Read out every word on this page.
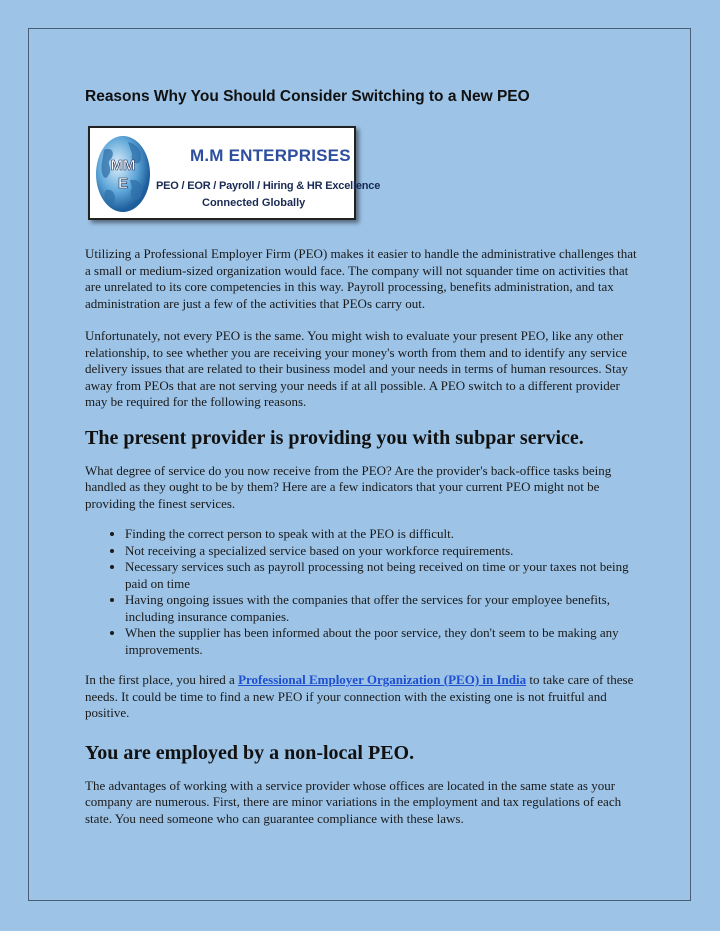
Reasons Why You Should Consider Switching to a New PEO
MM
E
M.M ENTERPRISES
PEO / EOR / Payroll / Hiring & HR Excellence
Connected Globally

Utilizing a Professional Employer Firm (PEO) makes it easier to handle the administrative challenges that a small or medium-sized organization would face. The company will not squander time on activities that are unrelated to its core competencies in this way. Payroll processing, benefits administration, and tax administration are just a few of the activities that PEOs carry out.

Unfortunately, not every PEO is the same. You might wish to evaluate your present PEO, like any other relationship, to see whether you are receiving your money's worth from them and to identify any service delivery issues that are related to their business model and your needs in terms of human resources. Stay away from PEOs that are not serving your needs if at all possible. A PEO switch to a different provider may be required for the following reasons.

The present provider is providing you with subpar service.

What degree of service do you now receive from the PEO? Are the provider's back-office tasks being handled as they ought to be by them? Here are a few indicators that your current PEO might not be providing the finest services.

• Finding the correct person to speak with at the PEO is difficult.
• Not receiving a specialized service based on your workforce requirements.
• Necessary services such as payroll processing not being received on time or your taxes not being paid on time
• Having ongoing issues with the companies that offer the services for your employee benefits, including insurance companies.
• When the supplier has been informed about the poor service, they don't seem to be making any improvements.

In the first place, you hired a Professional Employer Organization (PEO) in India to take care of these needs. It could be time to find a new PEO if your connection with the existing one is not fruitful and positive.

You are employed by a non-local PEO.

The advantages of working with a service provider whose offices are located in the same state as your company are numerous. First, there are minor variations in the employment and tax regulations of each state. You need someone who can guarantee compliance with these laws.
